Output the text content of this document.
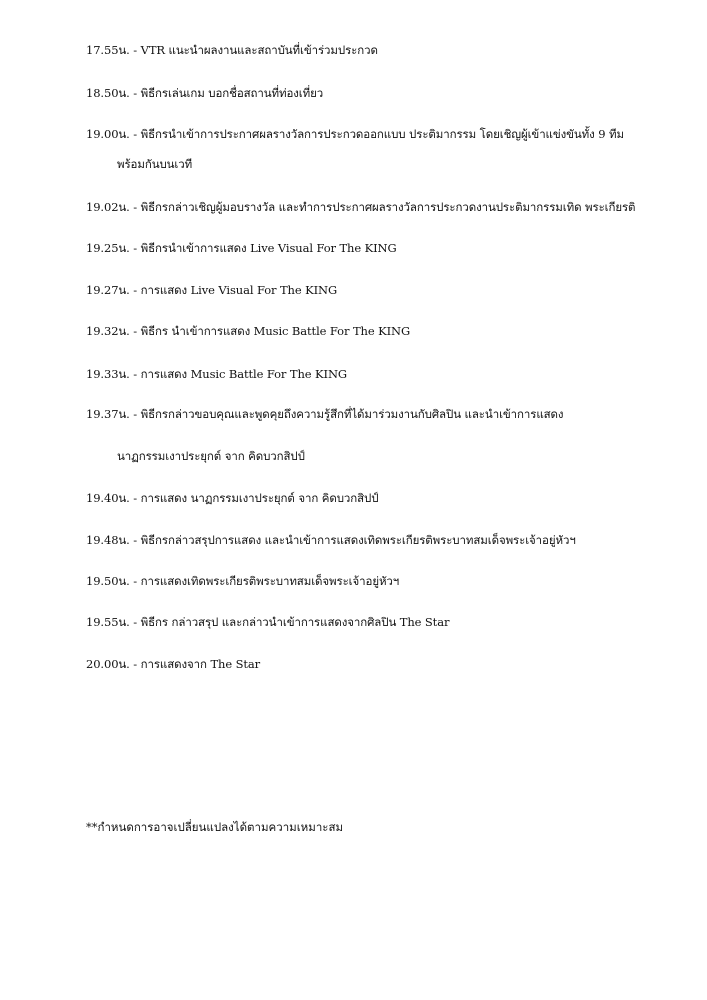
17.55น. - VTR แนะนำผลงานและสถาบันที่เข้าร่วมประกวด
18.50น. - พิธีกรเล่นเกม บอกชื่อสถานที่ท่องเที่ยว
19.00น. - พิธีกรนำเข้าการประกาศผลรางวัลการประกวดออกแบบ ประติมากรรม โดยเชิญผู้เข้าแข่งขันทั้ง 9 ทีม
พร้อมกันบนเวที
19.02น. - พิธีกรกล่าวเชิญผู้มอบรางวัล และทำการประกาศผลรางวัลการประกวดงานประติมากรรมเทิด พระเกียรติ
19.25น. - พิธีกรนำเข้าการแสดง Live Visual For The KING
19.27น. - การแสดง Live Visual For The KING
19.32น. - พิธีกร นำเข้าการแสดง Music Battle For The KING
19.33น. - การแสดง Music Battle For The KING
19.37น. - พิธีกรกล่าวขอบคุณและพูดคุยถึงความรู้สึกที่ได้มาร่วมงานกับศิลปิน และนำเข้าการแสดง
นาฏกรรมเงาประยุกต์ จาก คิดบวกสิปป์
19.40น. - การแสดง นาฏกรรมเงาประยุกต์ จาก คิดบวกสิปป์
19.48น. - พิธีกรกล่าวสรุปการแสดง และนำเข้าการแสดงเทิดพระเกียรติพระบาทสมเด็จพระเจ้าอยู่หัวฯ
19.50น. - การแสดงเทิดพระเกียรติพระบาทสมเด็จพระเจ้าอยู่หัวฯ
19.55น. - พิธีกร กล่าวสรุป และกล่าวนำเข้าการแสดงจากศิลปิน The Star
20.00น. - การแสดงจาก The Star
**กำหนดการอาจเปลี่ยนแปลงได้ตามความเหมาะสม
